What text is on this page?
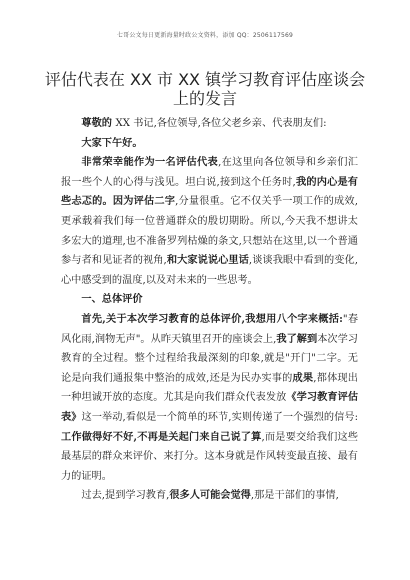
七哥公文每日更新海量时政公文资料，添加 QQ：2506117569
评估代表在 XX 市 XX 镇学习教育评估座谈会上的发言

尊敬的 XX 书记,各位领导,各位父老乡亲、代表朋友们:

大家下午好。

非常荣幸能作为一名评估代表,在这里向各位领导和乡亲们汇报一些个人的心得与浅见。坦白说,接到这个任务时,我的内心是有些忐忑的。因为评估二字,分量很重。它不仅关乎一项工作的成效,更承载着我们每一位普通群众的殷切期盼。所以,今天我不想讲太多宏大的道理,也不准备罗列枯燥的条文,只想站在这里,以一个普通参与者和见证者的视角,和大家说说心里话,谈谈我眼中看到的变化,心中感受到的温度,以及对未来的一些思考。

一、总体评价

首先,关于本次学习教育的总体评价,我想用八个字来概括:"春风化雨,润物无声"。从昨天镇里召开的座谈会上,我了解到本次学习教育的全过程。整个过程给我最深刻的印象,就是"开门"二字。无论是向我们通报集中整治的成效,还是为民办实事的成果,都体现出一种坦诚开放的态度。尤其是向我们群众代表发放《学习教育评估表》这一举动,看似是一个简单的环节,实则传递了一个强烈的信号:工作做得好不好,不再是关起门来自己说了算,而是要交给我们这些最基层的群众来评价、来打分。这本身就是作风转变最直接、最有力的证明。

过去,提到学习教育,很多人可能会觉得,那是干部们的事情,
